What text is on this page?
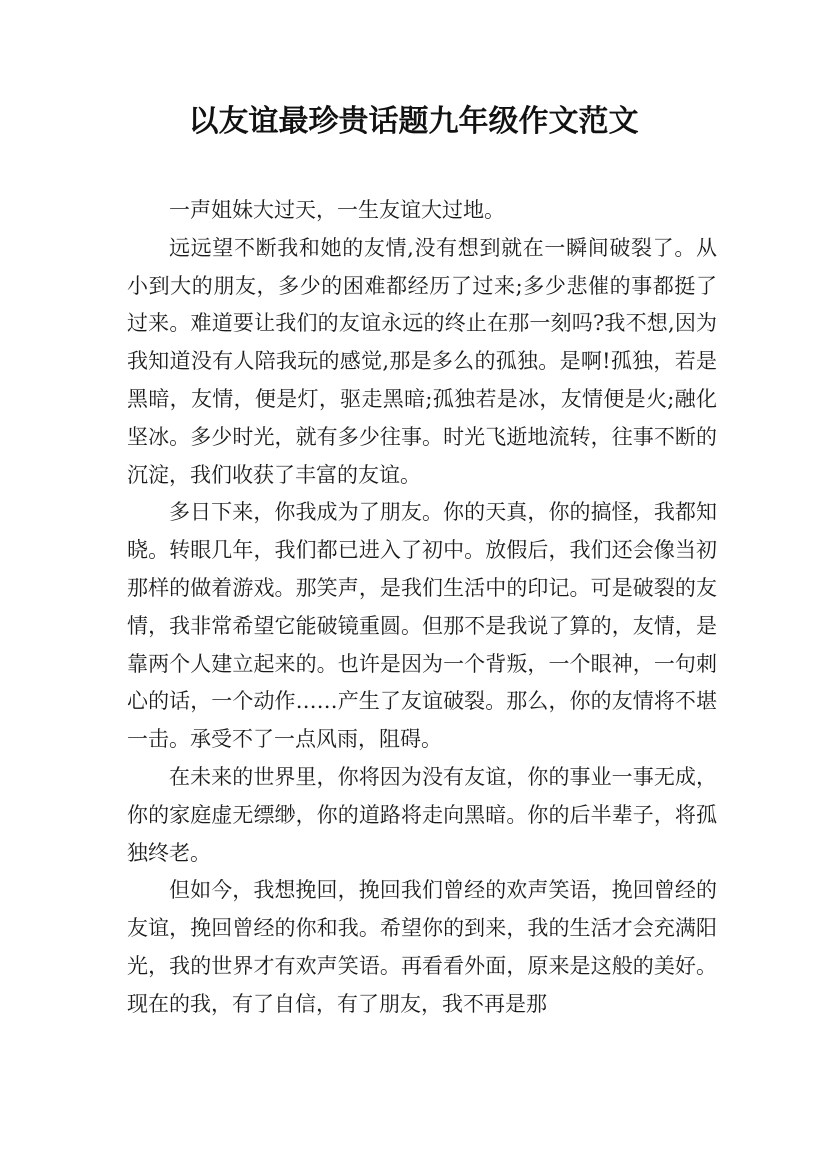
以友谊最珍贵话题九年级作文范文

一声姐妹大过天，一生友谊大过地。

远远望不断我和她的友情,没有想到就在一瞬间破裂了。从小到大的朋友，多少的困难都经历了过来;多少悲催的事都挺了过来。难道要让我们的友谊永远的终止在那一刻吗?我不想,因为我知道没有人陪我玩的感觉,那是多么的孤独。是啊!孤独，若是黑暗，友情，便是灯，驱走黑暗;孤独若是冰，友情便是火;融化坚冰。多少时光，就有多少往事。时光飞逝地流转，往事不断的沉淀，我们收获了丰富的友谊。

多日下来，你我成为了朋友。你的天真，你的搞怪，我都知晓。转眼几年，我们都已进入了初中。放假后，我们还会像当初那样的做着游戏。那笑声，是我们生活中的印记。可是破裂的友情，我非常希望它能破镜重圆。但那不是我说了算的，友情，是靠两个人建立起来的。也许是因为一个背叛，一个眼神，一句刺心的话，一个动作……产生了友谊破裂。那么，你的友情将不堪一击。承受不了一点风雨，阻碍。

在未来的世界里，你将因为没有友谊，你的事业一事无成，你的家庭虚无缥缈，你的道路将走向黑暗。你的后半辈子，将孤独终老。

但如今，我想挽回，挽回我们曾经的欢声笑语，挽回曾经的友谊，挽回曾经的你和我。希望你的到来，我的生活才会充满阳光，我的世界才有欢声笑语。再看看外面，原来是这般的美好。现在的我，有了自信，有了朋友，我不再是那
